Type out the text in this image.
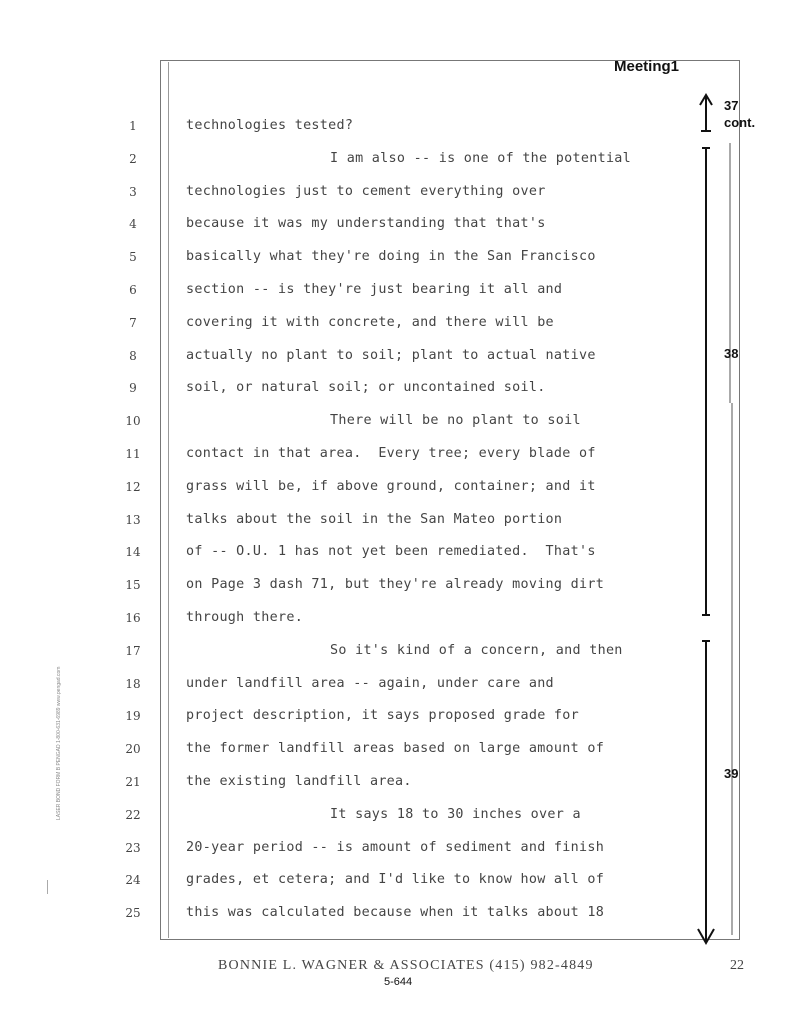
Meeting1
1	technologies tested?
2	I am also -- is one of the potential
3	technologies just to cement everything over
4	because it was my understanding that that's
5	basically what they're doing in the San Francisco
6	section -- is they're just bearing it all and
7	covering it with concrete, and there will be
8	actually no plant to soil; plant to actual native
9	soil, or natural soil; or uncontained soil.
10	There will be no plant to soil
11	contact in that area.  Every tree; every blade of
12	grass will be, if above ground, container; and it
13	talks about the soil in the San Mateo portion
14	of -- O.U. 1 has not yet been remediated.  That's
15	on Page 3 dash 71, but they're already moving dirt
16	through there.
17	So it's kind of a concern, and then
18	under landfill area -- again, under care and
19	project description, it says proposed grade for
20	the former landfill areas based on large amount of
21	the existing landfill area.
22	It says 18 to 30 inches over a
23	20-year period -- is amount of sediment and finish
24	grades, et cetera; and I'd like to know how all of
25	this was calculated because when it talks about 18
37
cont.
38
39
BONNIE L. WAGNER & ASSOCIATES (415) 982-4849	22
5-644
LASER BOND FORM B PENGAD 1-800-631-6989 www.pengad.com
